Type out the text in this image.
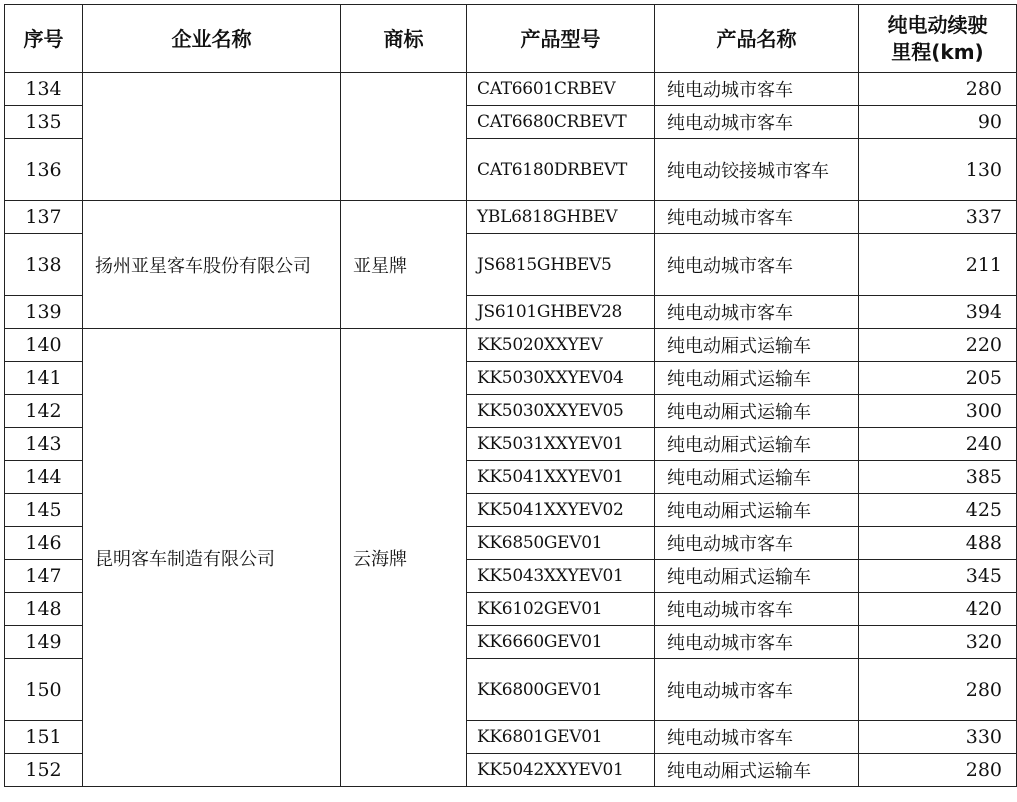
序号	企业名称	商标	产品型号	产品名称	纯电动续驶
里程(km)
134			CAT6601CRBEV	纯电动城市客车	280
135			CAT6680CRBEVT	纯电动城市客车	90
136			CAT6180DRBEVT	纯电动铰接城市客车	130
137	扬州亚星客车股份有限公司	亚星牌	YBL6818GHBEV	纯电动城市客车	337
138			JS6815GHBEV5	纯电动城市客车	211
139			JS6101GHBEV28	纯电动城市客车	394
140	昆明客车制造有限公司	云海牌	KK5020XXYEV	纯电动厢式运输车	220
141			KK5030XXYEV04	纯电动厢式运输车	205
142			KK5030XXYEV05	纯电动厢式运输车	300
143			KK5031XXYEV01	纯电动厢式运输车	240
144			KK5041XXYEV01	纯电动厢式运输车	385
145			KK5041XXYEV02	纯电动厢式运输车	425
146			KK6850GEV01	纯电动城市客车	488
147			KK5043XXYEV01	纯电动厢式运输车	345
148			KK6102GEV01	纯电动城市客车	420
149			KK6660GEV01	纯电动城市客车	320
150			KK6800GEV01	纯电动城市客车	280
151			KK6801GEV01	纯电动城市客车	330
152			KK5042XXYEV01	纯电动厢式运输车	280
